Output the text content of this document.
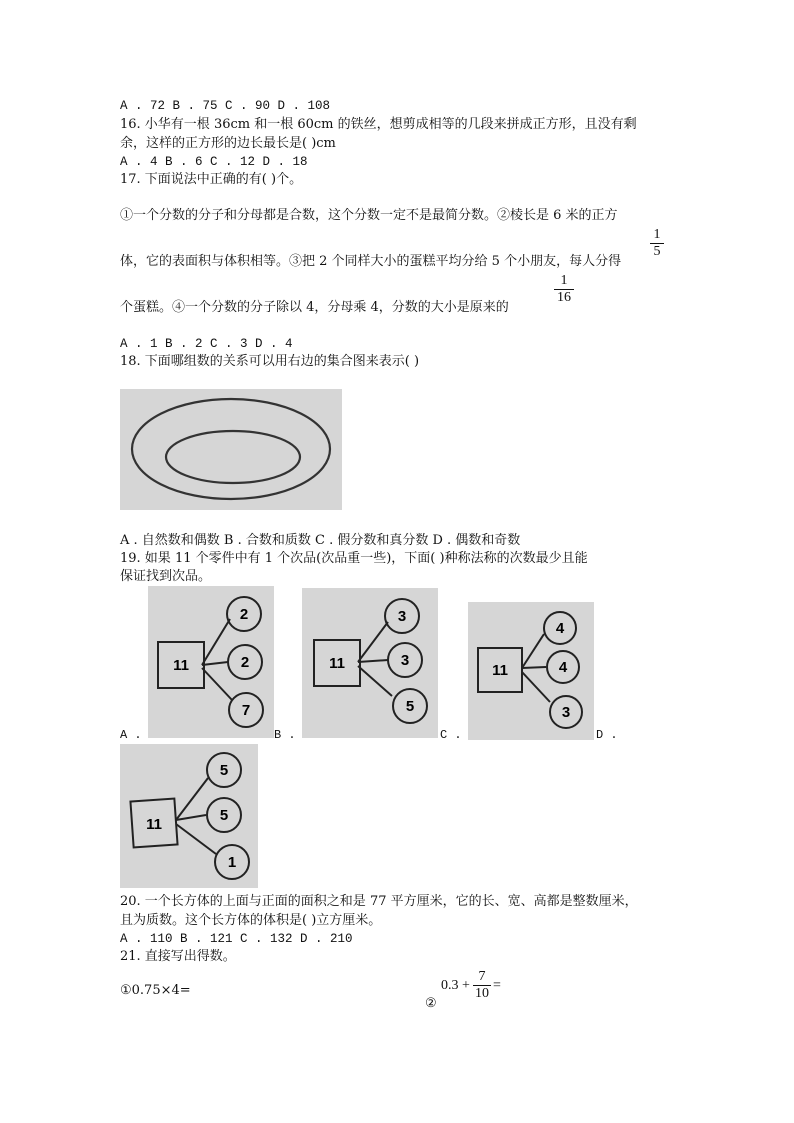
A . 72 B . 75 C . 90 D . 108
16. 小华有一根 36cm 和一根 60cm 的铁丝，想剪成相等的几段来拼成正方形，且没有剩
余，这样的正方形的边长最长是( )cm
A . 4 B . 6 C . 12 D . 18
17. 下面说法中正确的有( )个。
①一个分数的分子和分母都是合数，这个分数一定不是最简分数。②棱长是 6 米的正方
体，它的表面积与体积相等。③把 2 个同样大小的蛋糕平均分给 5 个小朋友，每人分得
1
5
个蛋糕。④一个分数的分子除以 4，分母乘 4，分数的大小是原来的
1
16
A . 1 B . 2 C . 3 D . 4
18. 下面哪组数的关系可以用右边的集合图来表示( )
A . 自然数和偶数 B . 合数和质数 C . 假分数和真分数 D . 偶数和奇数
19. 如果 11 个零件中有 1 个次品(次品重一些)，下面( )种称法称的次数最少且能
保证找到次品。
11
2
2
7
A .
11
3
3
5
B .
11
4
4
3
C .	D .
11
5
5
1
20. 一个长方体的上面与正面的面积之和是 77 平方厘米，它的长、宽、高都是整数厘米，
且为质数。这个长方体的体积是( )立方厘米。
A . 110 B . 121 C . 132 D . 210
21. 直接写出得数。
①0.75×4=
②
0.3 +
7
10
=
